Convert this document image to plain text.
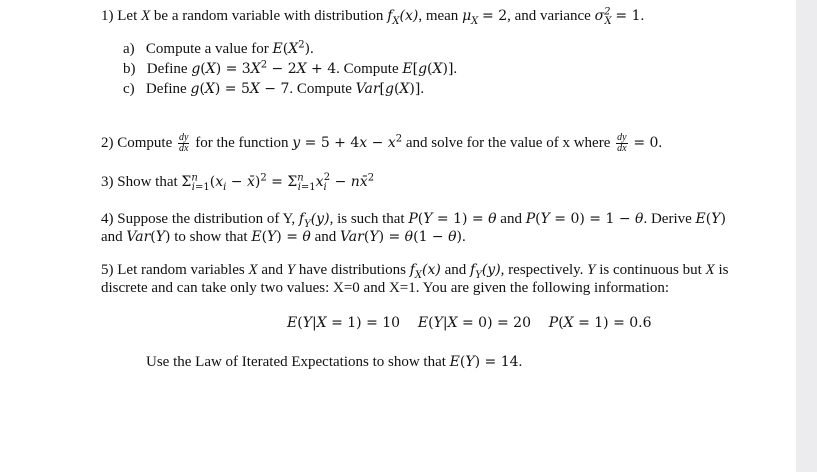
1) Let X be a random variable with distribution $f_X(x)$, mean $\mu_X = 2$, and variance $\sigma^2_X = 1$.
a)   Compute a value for $E(X^2)$.
b)   Define $g(X) = 3X^2 - 2X + 4$. Compute E[g(X)].
c)   Define g(X) = 5X − 7. Compute Var[g(X)].
2) Compute $\frac{dy}{dx}$ for the function $y = 5 + 4x - x^2$ and solve for the value of x where $\frac{dy}{dx} = 0$.
3) Show that $\Sigma^n_{i=1}(x_i$ − x̄)$^2$ = $\Sigma^n_{i=1}x_i^2$ − nx̄$^2$
4) Suppose the distribution of Y, $f_Y(y)$, is such that P(Y = 1) = θ and P(Y = 0) = 1 − θ. Derive E(Y)
and Var(Y) to show that E(Y) = θ and Var(Y) = θ(1 − θ).
5) Let random variables X and Y have distributions $f_X(x)$ and $f_Y(y)$, respectively. Y is continuous but X is
discrete and can take only two values: X=0 and X=1. You are given the following information:
E(Y|X = 1) = 10    E(Y|X = 0) = 20    P(X = 1) = 0.6
Use the Law of Iterated Expectations to show that E(Y) = 14.
